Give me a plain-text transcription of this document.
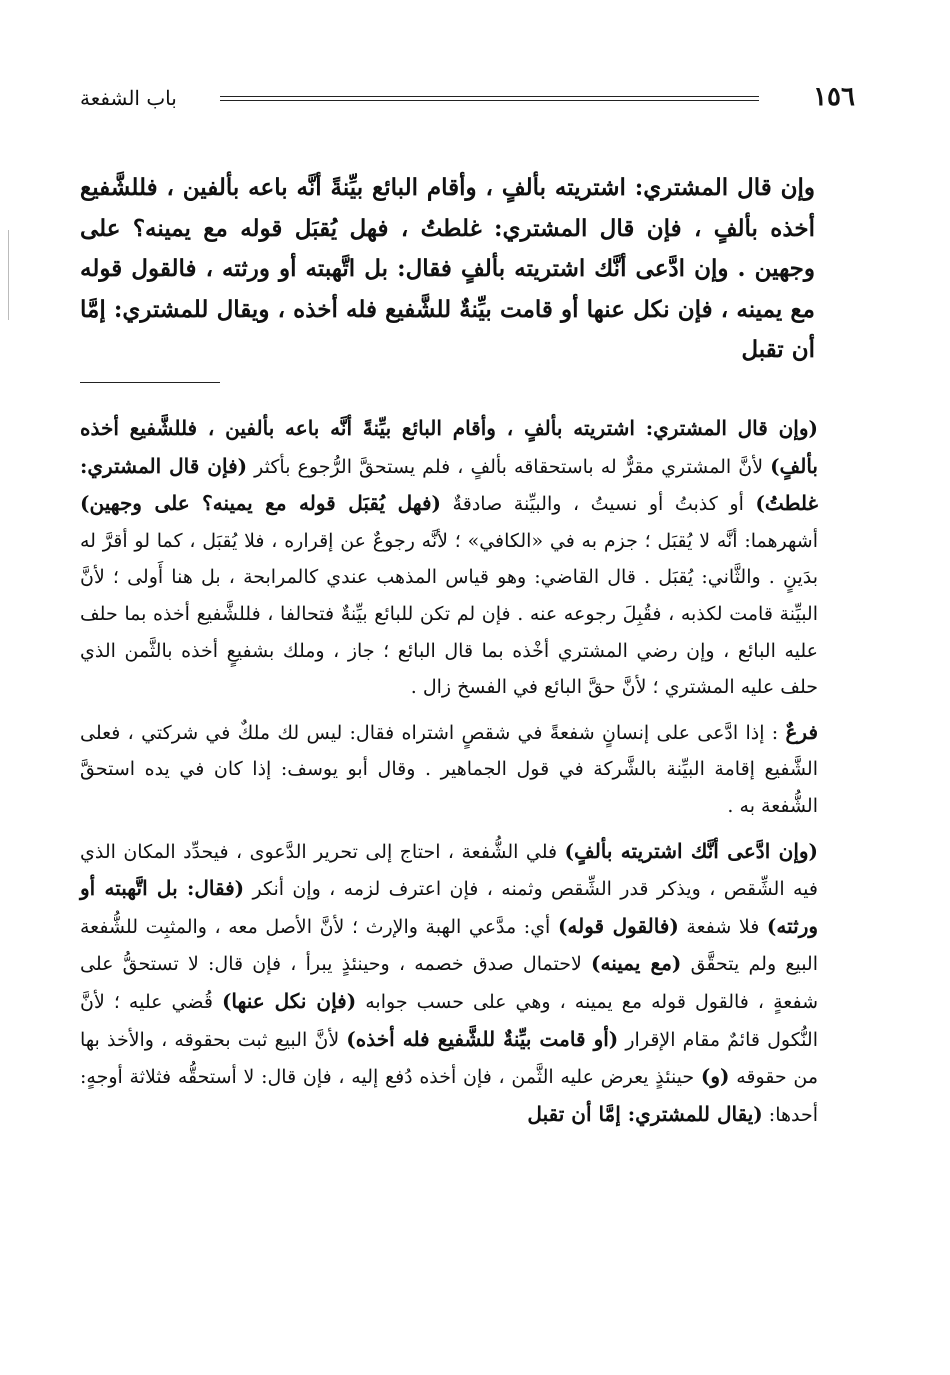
١٥٦
باب الشفعة

وإن قال المشتري: اشتريته بألفٍ ، وأقام البائع بيِّنةً أنَّه باعه بألفين ، فللشَّفيع أخذه بألفٍ ، فإن قال المشتري: غلطتُ ، فهل يُقبَل قوله مع يمينه؟ على وجهين . وإن ادَّعى أنَّك اشتريته بألفٍ فقال: بل اتَّهبته أو ورثته ، فالقول قوله مع يمينه ، فإن نكل عنها أو قامت بيِّنةٌ للشَّفيع فله أخذه ، ويقال للمشتري: إمَّا أن تقبل

(وإن قال المشتري: اشتريته بألفٍ ، وأقام البائع بيِّنةً أنَّه باعه بألفين ، فللشَّفيع أخذه بألفٍ) لأنَّ المشتري مقرٌّ له باستحقاقه بألفٍ ، فلم يستحقَّ الرُّجوع بأكثر (فإن قال المشتري: غلطتُ) أو كذبتُ أو نسيتُ ، والبيِّنة صادقةٌ (فهل يُقبَل قوله مع يمينه؟ على وجهين) أشهرهما: أنَّه لا يُقبَل ؛ جزم به في «الكافي» ؛ لأنَّه رجوعٌ عن إقراره ، فلا يُقبَل ، كما لو أقرَّ له بدَينٍ . والثَّاني: يُقبَل . قال القاضي: وهو قياس المذهب عندي كالمرابحة ، بل هنا أَولى ؛ لأنَّ البيِّنة قامت لكذبه ، فقُبِلَ رجوعه عنه . فإن لم تكن للبائع بيِّنةٌ فتحالفا ، فللشَّفيع أخذه بما حلف عليه البائع ، وإن رضي المشتري أخْذه بما قال البائع ؛ جاز ، وملك بشفيعٍ أخذه بالثَّمن الذي حلف عليه المشتري ؛ لأنَّ حقَّ البائع في الفسخ زال .

فرعٌ : إذا ادَّعى على إنسانٍ شفعةً في شقصٍ اشتراه فقال: ليس لك ملكٌ في شركتي ، فعلى الشَّفيع إقامة البيِّنة بالشَّركة في قول الجماهير . وقال أبو يوسف: إذا كان في يده استحقَّ الشُّفعة به .

(وإن ادَّعى أنَّك اشتريته بألفٍ) فلي الشُّفعة ، احتاج إلى تحرير الدَّعوى ، فيحدِّد المكان الذي فيه الشِّقص ، ويذكر قدر الشِّقص وثمنه ، فإن اعترف لزمه ، وإن أنكر (فقال: بل اتَّهبته أو ورثته) فلا شفعة (فالقول قوله) أي: مدَّعي الهبة والإرث ؛ لأنَّ الأصل معه ، والمثبِت للشُّفعة البيع ولم يتحقَّق (مع يمينه) لاحتمال صدق خصمه ، وحينئذٍ يبرأ ، فإن قال: لا تستحقُّ على شفعةٍ ، فالقول قوله مع يمينه ، وهي على حسب جوابه (فإن نكل عنها) قُضي عليه ؛ لأنَّ النُّكول قائمٌ مقام الإقرار (أو قامت بيِّنةٌ للشَّفيع فله أخذه) لأنَّ البيع ثبت بحقوقه ، والأخذ بها من حقوقه (و) حينئذٍ يعرض عليه الثَّمن ، فإن أخذه دُفع إليه ، فإن قال: لا أستحقُّه فثلاثة أوجهٍ: أحدها: (يقال للمشتري: إمَّا أن تقبل
